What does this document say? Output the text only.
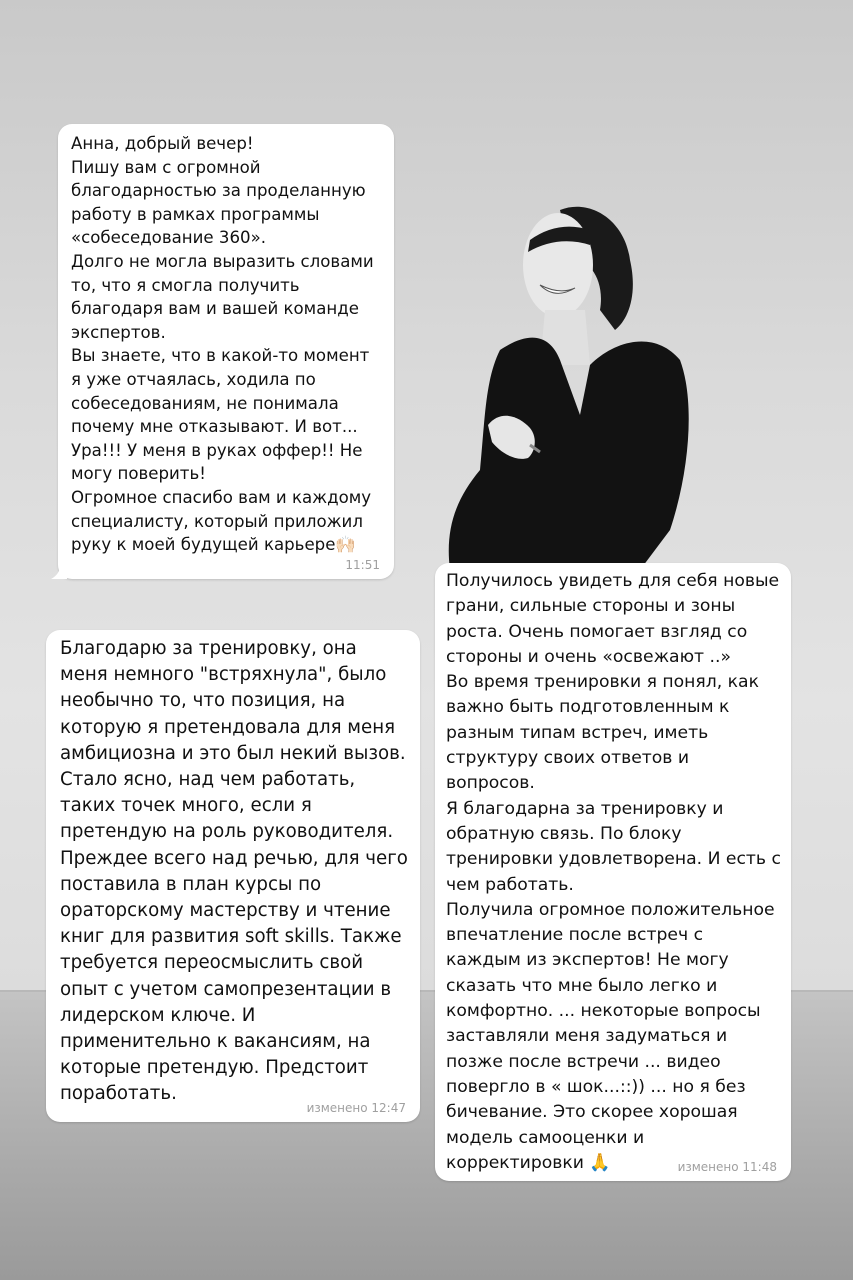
Анна, добрый вечер!
Пишу вам с огромной благодарностью за проделанную работу в рамках программы «собеседование 360».
Долго не могла выразить словами то, что я смогла получить благодаря вам и вашей команде экспертов.
Вы знаете, что в какой-то момент я уже отчаялась, ходила по собеседованиям, не понимала почему мне отказывают. И вот...
Ура!!! У меня в руках оффер!! Не могу поверить!
Огромное спасибо вам и каждому специалисту, который приложил руку к моей будущей карьере🙌🏻
11:51
Благодарю за тренировку, она меня немного "встряхнула", было необычно то, что позиция, на которую я претендовала для меня амбициозна и это был некий вызов. Стало ясно, над чем работать, таких точек много, если я претендую на роль руководителя. Преждее всего над речью, для чего поставила в план курсы по ораторскому мастерству и чтение книг для развития soft skills. Также требуется переосмыслить свой опыт с учетом самопрезентации в лидерском ключе. И применительно к вакансиям, на которые претендую. Предстоит поработать.
изменено 12:47
Получилось увидеть для себя новые грани, сильные стороны и зоны роста. Очень помогает взгляд со стороны и очень «освежают ..»
Во время тренировки я понял, как важно быть подготовленным к разным типам встреч, иметь структуру своих ответов и вопросов.
Я благодарна за тренировку и обратную связь. По блоку тренировки удовлетворена. И есть с чем работать.
Получила огромное положительное впечатление после встреч с каждым из экспертов! Не могу сказать что мне было легко и комфортно. ... некоторые вопросы заставляли меня задуматься и позже после встречи ... видео повергло в « шок...::)) ... но я без бичевание. Это скорее хорошая модель самооценки и корректировки 🙏	изменено 11:48
